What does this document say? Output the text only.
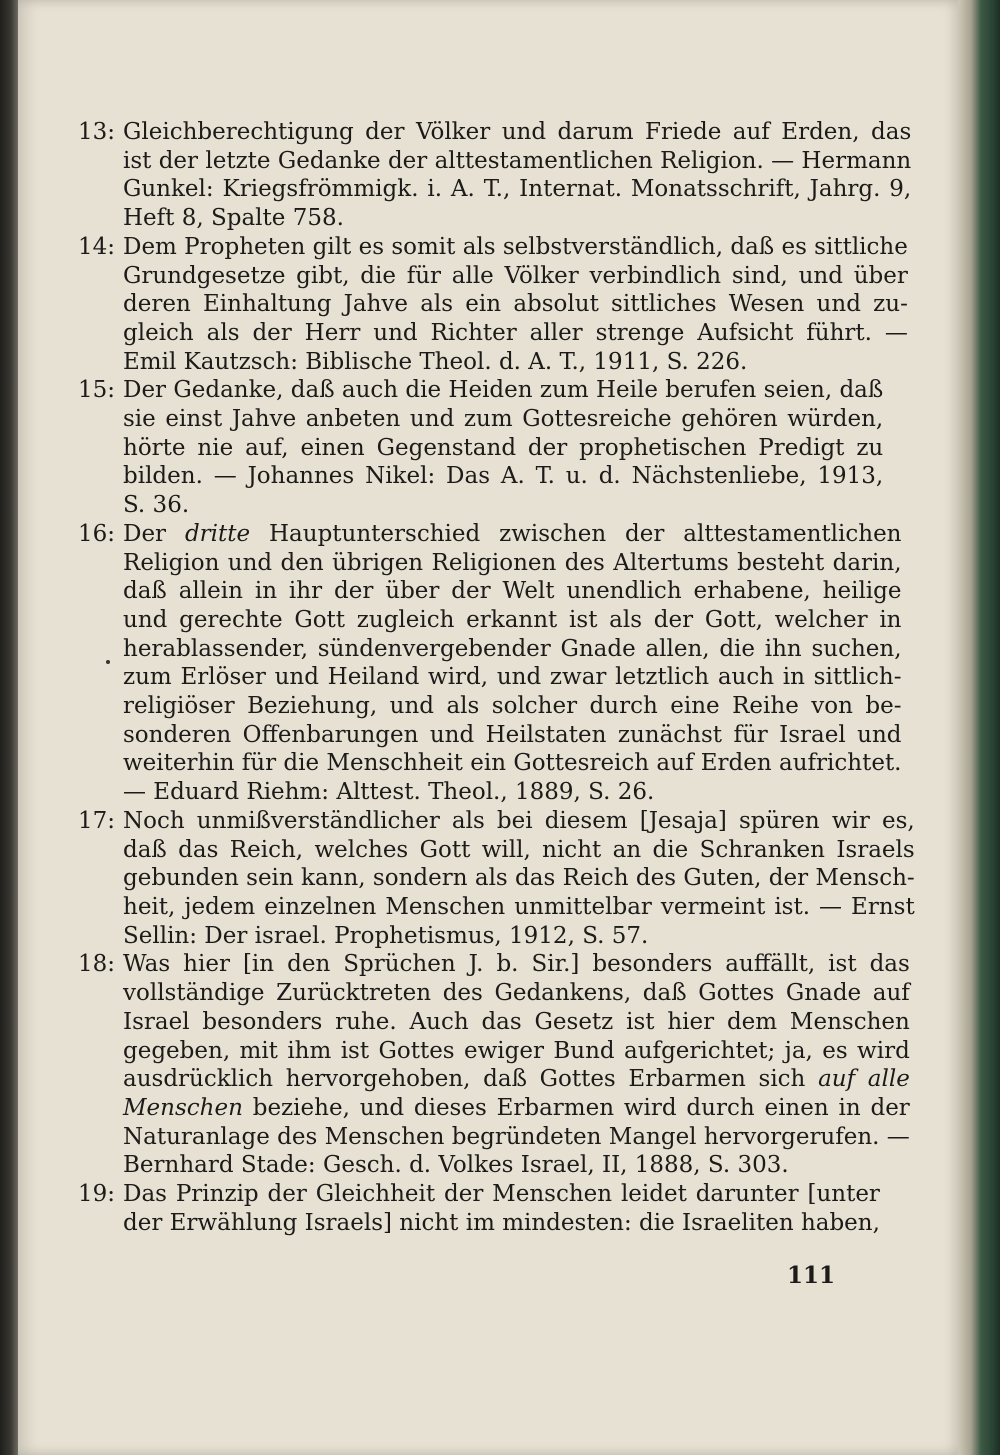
13: Gleichberechtigung der Völker und darum Friede auf Erden, das
ist der letzte Gedanke der alttestamentlichen Religion. — Hermann
Gunkel: Kriegsfrömmigk. i. A. T., Internat. Monatsschrift, Jahrg. 9,
Heft 8, Spalte 758.
14: Dem Propheten gilt es somit als selbstverständlich, daß es sittliche
Grundgesetze gibt, die für alle Völker verbindlich sind, und über
deren Einhaltung Jahve als ein absolut sittliches Wesen und zu-
gleich als der Herr und Richter aller strenge Aufsicht führt. —
Emil Kautzsch: Biblische Theol. d. A. T., 1911, S. 226.
15: Der Gedanke, daß auch die Heiden zum Heile berufen seien, daß
sie einst Jahve anbeten und zum Gottesreiche gehören würden,
hörte nie auf, einen Gegenstand der prophetischen Predigt zu
bilden. — Johannes Nikel: Das A. T. u. d. Nächstenliebe, 1913,
S. 36.
16: Der dritte Hauptunterschied zwischen der alttestamentlichen
Religion und den übrigen Religionen des Altertums besteht darin,
daß allein in ihr der über der Welt unendlich erhabene, heilige
und gerechte Gott zugleich erkannt ist als der Gott, welcher in
herablassender, sündenvergebender Gnade allen, die ihn suchen,
zum Erlöser und Heiland wird, und zwar letztlich auch in sittlich-
religiöser Beziehung, und als solcher durch eine Reihe von be-
sonderen Offenbarungen und Heilstaten zunächst für Israel und
weiterhin für die Menschheit ein Gottesreich auf Erden aufrichtet.
— Eduard Riehm: Alttest. Theol., 1889, S. 26.
17: Noch unmißverständlicher als bei diesem [Jesaja] spüren wir es,
daß das Reich, welches Gott will, nicht an die Schranken Israels
gebunden sein kann, sondern als das Reich des Guten, der Mensch-
heit, jedem einzelnen Menschen unmittelbar vermeint ist. — Ernst
Sellin: Der israel. Prophetismus, 1912, S. 57.
18: Was hier [in den Sprüchen J. b. Sir.] besonders auffällt, ist das
vollständige Zurücktreten des Gedankens, daß Gottes Gnade auf
Israel besonders ruhe. Auch das Gesetz ist hier dem Menschen
gegeben, mit ihm ist Gottes ewiger Bund aufgerichtet; ja, es wird
ausdrücklich hervorgehoben, daß Gottes Erbarmen sich auf alle
Menschen beziehe, und dieses Erbarmen wird durch einen in der
Naturanlage des Menschen begründeten Mangel hervorgerufen. —
Bernhard Stade: Gesch. d. Volkes Israel, II, 1888, S. 303.
19: Das Prinzip der Gleichheit der Menschen leidet darunter [unter
der Erwählung Israels] nicht im mindesten: die Israeliten haben,
111
